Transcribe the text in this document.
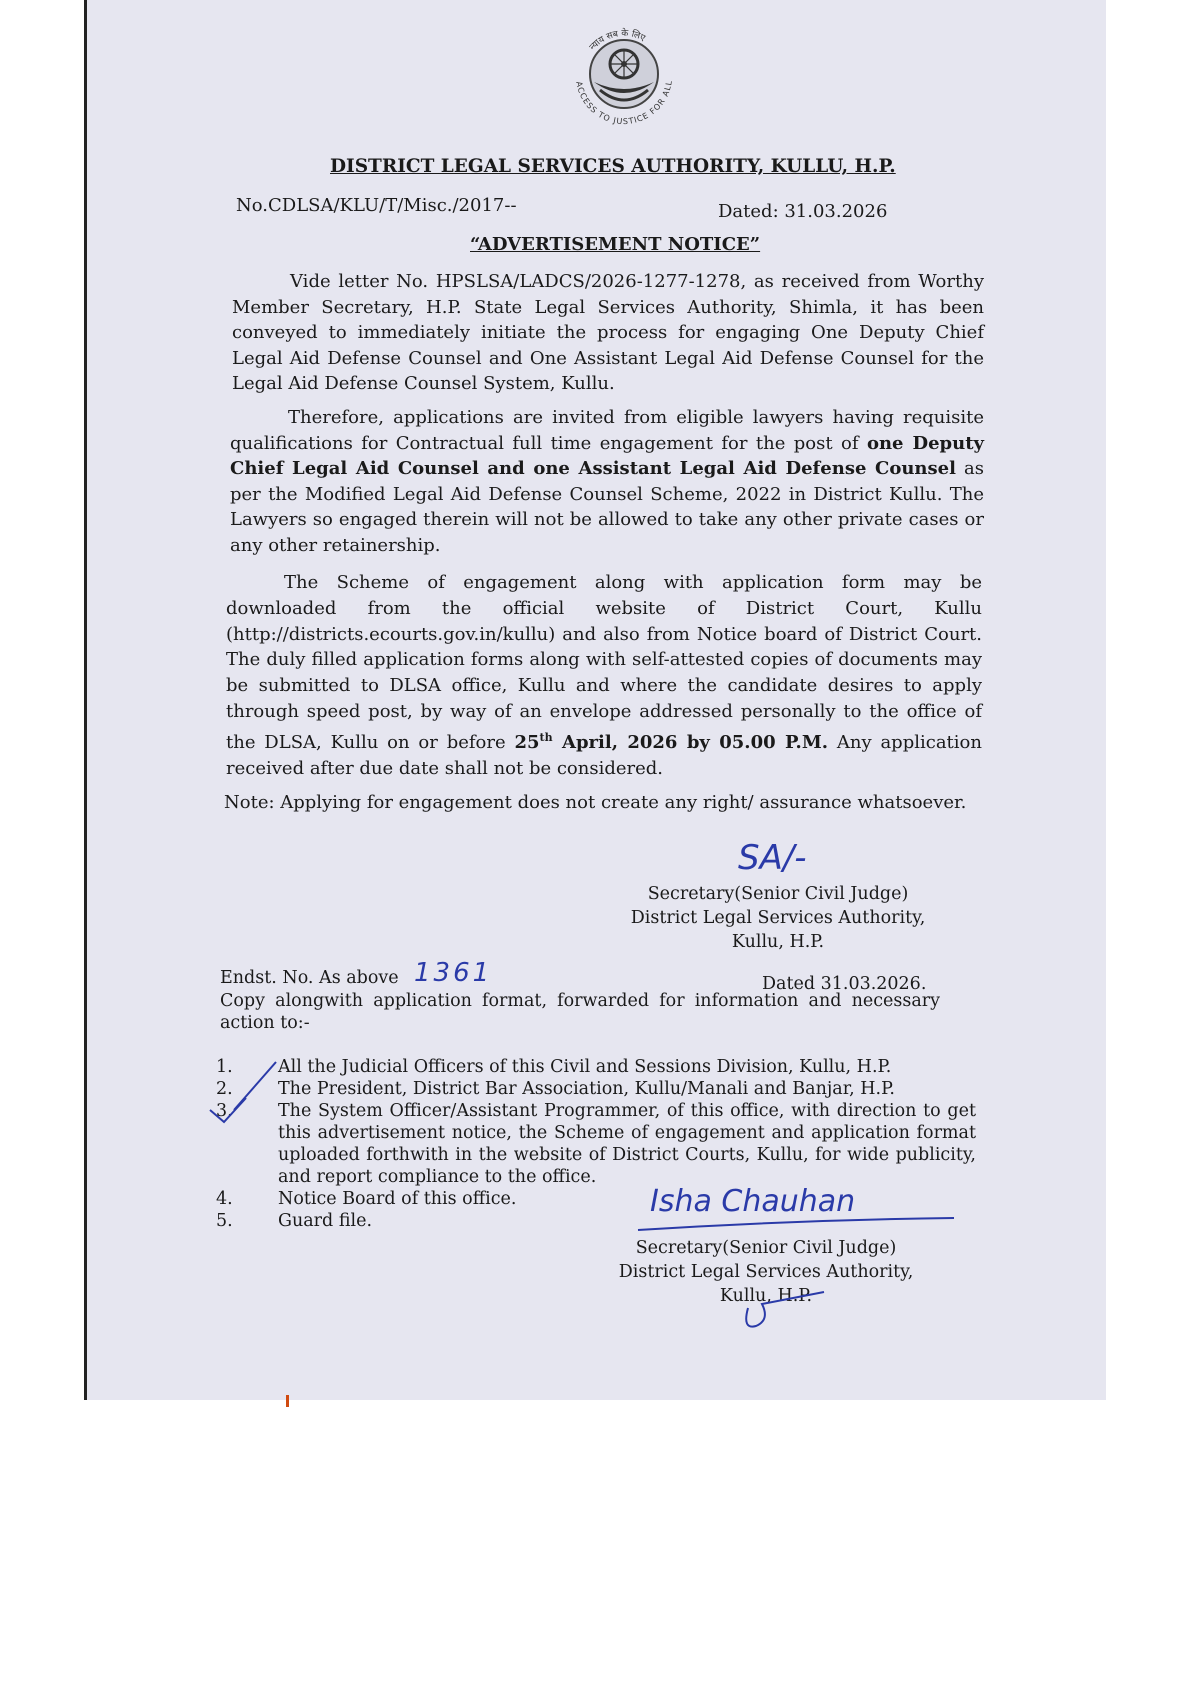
न्याय सब के लिए
ACCESS TO JUSTICE FOR ALL
DISTRICT LEGAL SERVICES AUTHORITY, KULLU, H.P.
No.CDLSA/KLU/T/Misc./2017--	Dated: 31.03.2026
“ADVERTISEMENT NOTICE”

Vide letter No. HPSLSA/LADCS/2026-1277-1278, as received from Worthy Member Secretary, H.P. State Legal Services Authority, Shimla, it has been conveyed to immediately initiate the process for engaging One Deputy Chief Legal Aid Defense Counsel and One Assistant Legal Aid Defense Counsel for the Legal Aid Defense Counsel System, Kullu.

Therefore, applications are invited from eligible lawyers having requisite qualifications for Contractual full time engagement for the post of one Deputy Chief Legal Aid Counsel and one Assistant Legal Aid Defense Counsel as per the Modified Legal Aid Defense Counsel Scheme, 2022 in District Kullu. The Lawyers so engaged therein will not be allowed to take any other private cases or any other retainership.

The Scheme of engagement along with application form may be downloaded from the official website of District Court, Kullu (http://districts.ecourts.gov.in/kullu) and also from Notice board of District Court. The duly filled application forms along with self-attested copies of documents may be submitted to DLSA office, Kullu and where the candidate desires to apply through speed post, by way of an envelope addressed personally to the office of the DLSA, Kullu on or before 25th April, 2026 by 05.00 P.M. Any application received after due date shall not be considered.

Note: Applying for engagement does not create any right/ assurance whatsoever.

SA/-
Secretary(Senior Civil Judge)
District Legal Services Authority,
Kullu, H.P.
Endst. No. As above 1361	Dated 31.03.2026.

Copy alongwith application format, forwarded for information and necessary action to:-

1.	All the Judicial Officers of this Civil and Sessions Division, Kullu, H.P.
2.	The President, District Bar Association, Kullu/Manali and Banjar, H.P.
3.	The System Officer/Assistant Programmer, of this office, with direction to get this advertisement notice, the Scheme of engagement and application format uploaded forthwith in the website of District Courts, Kullu, for wide publicity, and report compliance to the office.
4.	Notice Board of this office.
5.	Guard file.
Isha Chauhan
Secretary(Senior Civil Judge)
District Legal Services Authority,
Kullu, H.P.
